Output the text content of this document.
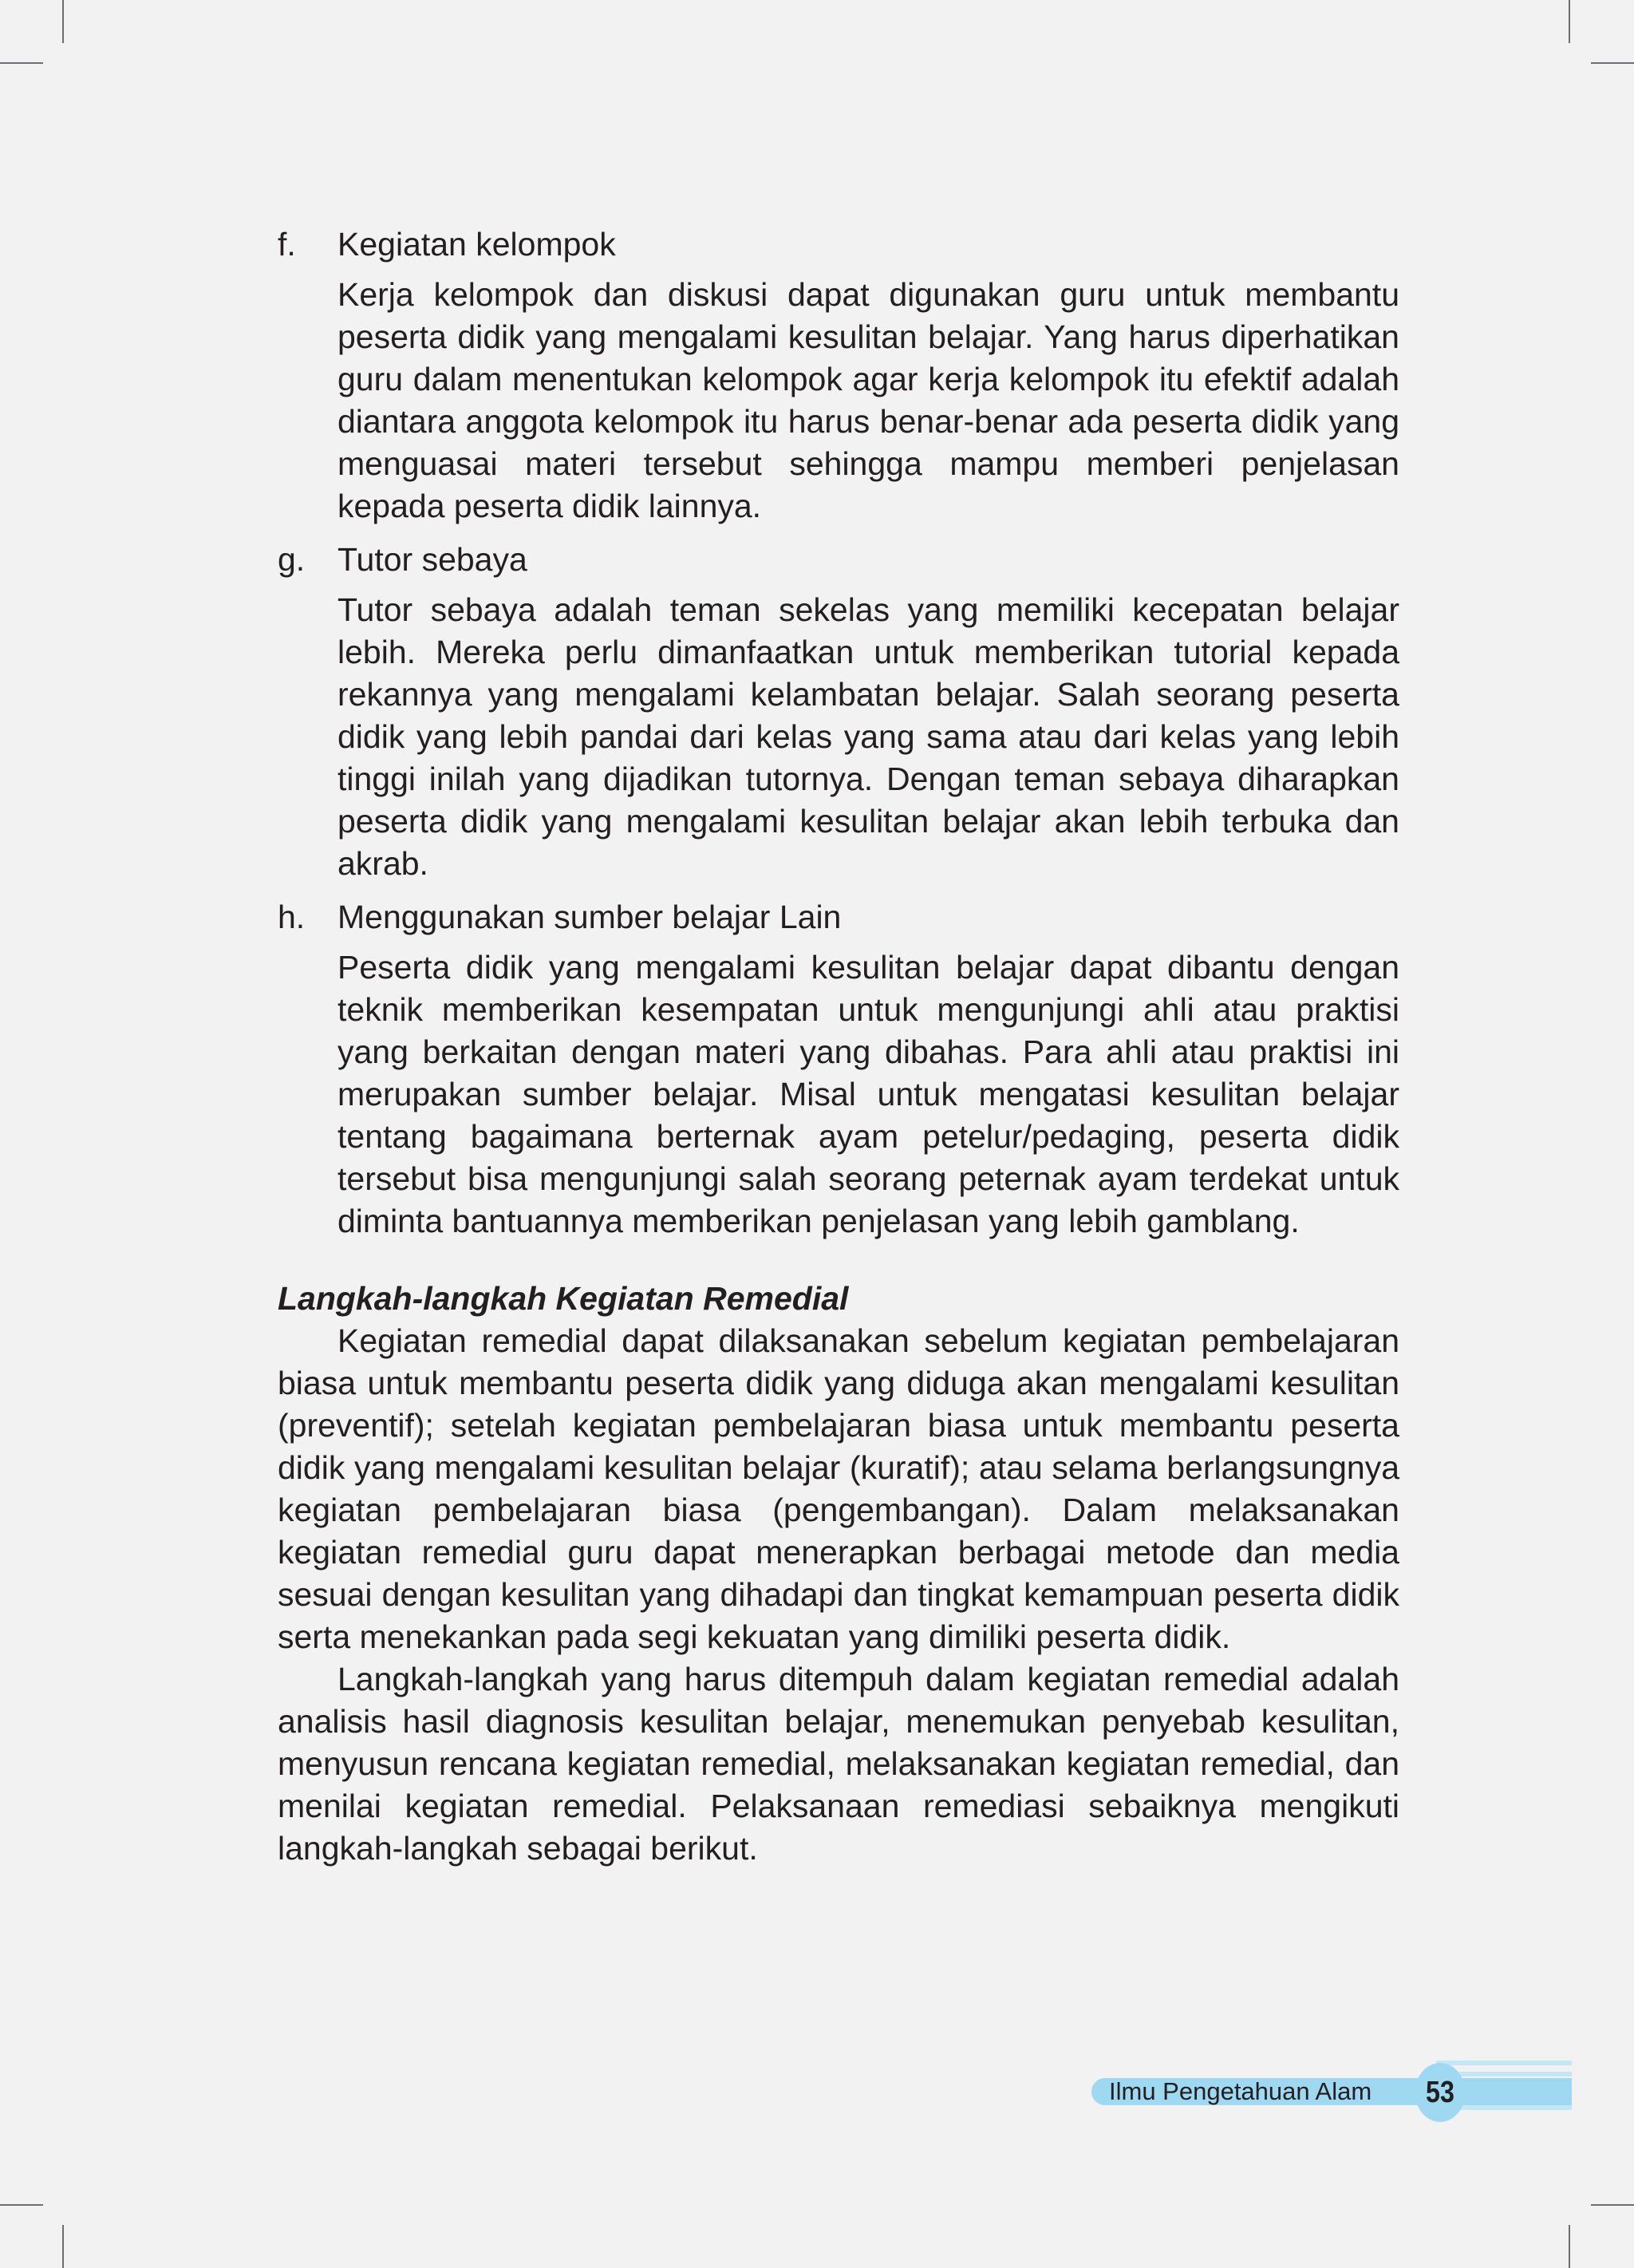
f. Kegiatan kelompok
Kerja kelompok dan diskusi dapat digunakan guru untuk membantu peserta didik yang mengalami kesulitan belajar. Yang harus diperhatikan guru dalam menentukan kelompok agar kerja kelompok itu efektif adalah diantara anggota kelompok itu harus benar-benar ada peserta didik yang menguasai materi tersebut sehingga mampu memberi penjelasan kepada peserta didik lainnya.
g. Tutor sebaya
Tutor sebaya adalah teman sekelas yang memiliki kecepatan belajar lebih. Mereka perlu dimanfaatkan untuk memberikan tutorial kepada rekannya yang mengalami kelambatan belajar. Salah seorang peserta didik yang lebih pandai dari kelas yang sama atau dari kelas yang lebih tinggi inilah yang dijadikan tutornya. Dengan teman sebaya diharapkan peserta didik yang mengalami kesulitan belajar akan lebih terbuka dan akrab.
h. Menggunakan sumber belajar Lain
Peserta didik yang mengalami kesulitan belajar dapat dibantu dengan teknik memberikan kesempatan untuk mengunjungi ahli atau praktisi yang berkaitan dengan materi yang dibahas. Para ahli atau praktisi ini merupakan sumber belajar. Misal untuk mengatasi kesulitan belajar tentang bagaimana berternak ayam petelur/pedaging, peserta didik tersebut bisa mengunjungi salah seorang peternak ayam terdekat untuk diminta bantuannya memberikan penjelasan yang lebih gamblang.
Langkah-langkah Kegiatan Remedial
Kegiatan remedial dapat dilaksanakan sebelum kegiatan pembelajaran biasa untuk membantu peserta didik yang diduga akan mengalami kesulitan (preventif); setelah kegiatan pembelajaran biasa untuk membantu peserta didik yang mengalami kesulitan belajar (kuratif); atau selama berlangsungnya kegiatan pembelajaran biasa (pengembangan). Dalam melaksanakan kegiatan remedial guru dapat menerapkan berbagai metode dan media sesuai dengan kesulitan yang dihadapi dan tingkat kemampuan peserta didik serta menekankan pada segi kekuatan yang dimiliki peserta didik.
Langkah-langkah yang harus ditempuh dalam kegiatan remedial adalah analisis hasil diagnosis kesulitan belajar, menemukan penyebab kesulitan, menyusun rencana kegiatan remedial, melaksanakan kegiatan remedial, dan menilai kegiatan remedial. Pelaksanaan remediasi sebaiknya mengikuti langkah-langkah sebagai berikut.
Ilmu Pengetahuan Alam	53
